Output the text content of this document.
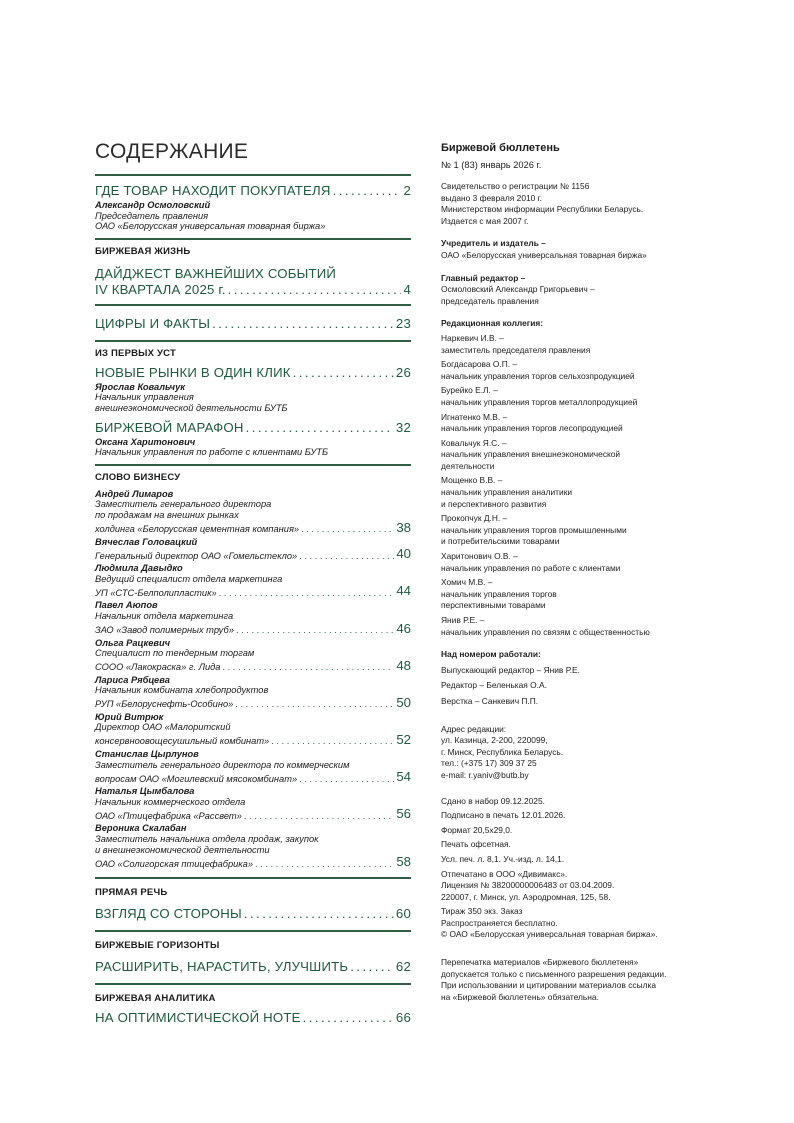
СОДЕРЖАНИЕ
ГДЕ ТОВАР НАХОДИТ ПОКУПАТЕЛЯ . . .	2
Александр Осмоловский
Председатель правления
ОАО «Белорусская универсальная товарная биржа»
БИРЖЕВАЯ ЖИЗНЬ
ДАЙДЖЕСТ ВАЖНЕЙШИХ СОБЫТИЙ
IV КВАРТАЛА 2025 г. . . .	4
ЦИФРЫ И ФАКТЫ . . .	23
ИЗ ПЕРВЫХ УСТ
НОВЫЕ РЫНКИ В ОДИН КЛИК . . .	26
Ярослав Ковальчук
Начальник управления
внешнеэкономической деятельности БУТБ
БИРЖЕВОЙ МАРАФОН . . .	32
Оксана Харитонович
Начальник управления по работе с клиентами БУТБ
СЛОВО БИЗНЕСУ
Андрей Лимаров
Заместитель генерального директора
по продажам на внешних рынках
холдинга «Белорусская цементная компания» . . .	38
Вячеслав Головацкий
Генеральный директор ОАО «Гомельстекло» . . .	40
Людмила Давыдко
Ведущий специалист отдела маркетинга
УП «СТС-Белполипластик» . . .	44
Павел Аюпов
Начальник отдела маркетинга
ЗАО «Завод полимерных труб» . . .	46
Ольга Рацкевич
Специалист по тендерным торгам
СООО «Лакокраска» г. Лида . . .	48
Лариса Рябцева
Начальник комбината хлебопродуктов
РУП «Белоруснефть-Особино» . . .	50
Юрий Витрюк
Директор ОАО «Малоритский
консервноовощесушильный комбинат» . . .	52
Станислав Цырлунов
Заместитель генерального директора по коммерческим
вопросам ОАО «Могилевский мясокомбинат» . . .	54
Наталья Цымбалова
Начальник коммерческого отдела
ОАО «Птицефабрика «Рассвет» . . .	56
Вероника Скалабан
Заместитель начальника отдела продаж, закупок
и внешнеэкономической деятельности
ОАО «Солигорская птицефабрика» . . .	58
ПРЯМАЯ РЕЧЬ
ВЗГЛЯД СО СТОРОНЫ . . .	60
БИРЖЕВЫЕ ГОРИЗОНТЫ
РАСШИРИТЬ, НАРАСТИТЬ, УЛУЧШИТЬ . . .	62
БИРЖЕВАЯ АНАЛИТИКА
НА ОПТИМИСТИЧЕСКОЙ НОТЕ . . .	66
Биржевой бюллетень
№ 1 (83) январь 2026 г.
Свидетельство о регистрации № 1156
выдано 3 февраля 2010 г.
Министерством информации Республики Беларусь.
Издается с мая 2007 г.
Учредитель и издатель –
ОАО «Белорусская универсальная товарная биржа»
Главный редактор –
Осмоловский Александр Григорьевич –
председатель правления
Редакционная коллегия:
Наркевич И.В. –
заместитель председателя правления
Богдасарова О.П. –
начальник управления торгов сельхозпродукцией
Бурейко Е.Л. –
начальник управления торгов металлопродукцией
Игнатенко М.В. –
начальник управления торгов лесопродукцией
Ковальчук Я.С. –
начальник управления внешнеэкономической
деятельности
Мощенко В.В. –
начальник управления аналитики
и перспективного развития
Прокопчук Д.Н. –
начальник управления торгов промышленными
и потребительскими товарами
Харитонович О.В. –
начальник управления по работе с клиентами
Хомич М.В. –
начальник управления торгов
перспективными товарами
Янив Р.Е. –
начальник управления по связям с общественностью
Над номером работали:
Выпускающий редактор – Янив Р.Е.
Редактор – Беленькая О.А.
Верстка – Санкевич П.П.
Адрес редакции:
ул. Казинца, 2-200, 220099,
г. Минск, Республика Беларусь.
тел.: (+375 17) 309 37 25
e-mail: r.yaniv@butb.by
Сдано в набор 09.12.2025.
Подписано в печать 12.01.2026.
Формат 20,5х29,0.
Печать офсетная.
Усл. печ. л. 8,1. Уч.-изд. л. 14,1.
Отпечатано в ООО «Дивимакс».
Лицензия № 38200000006483 от 03.04.2009.
220007, г. Минск, ул. Аэродромная, 125, 58.
Тираж 350 экз. Заказ
Распространяется бесплатно.
© ОАО «Белорусская универсальная товарная биржа».
Перепечатка материалов «Биржевого бюллетеня»
допускается только с письменного разрешения редакции.
При использовании и цитировании материалов ссылка
на «Биржевой бюллетень» обязательна.
